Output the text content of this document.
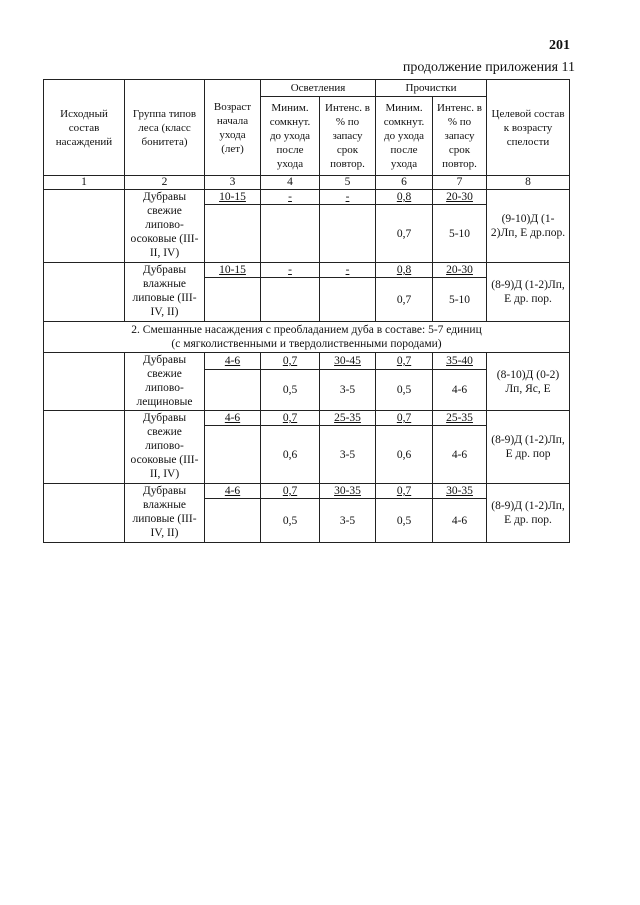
201
продолжение приложения 11
Исходный состав насаждений	Группа типов леса (класс бонитета)	Возраст начала ухода (лет)	Осветления		Прочистки		Целевой состав к возрасту спелости
			Миним. сомкнут. до ухода после ухода	Интенс. в % по запасу срок повтор.	Миним. сомкнут. до ухода после ухода	Интенс. в % по запасу срок повтор.	
1	2	3	4	5	6	7	8
	Дубравы свежие липово-осоковые (III-II, IV)	10-15	-	-	0,8	20-30	(9-10)Д (1-2)Лп, Е др.пор.
					0,7	5-10	
	Дубравы влажные липовые (III-IV, II)	10-15	-	-	0,8	20-30	(8-9)Д (1-2)Лп, Е др. пор.
					0,7	5-10	

2. Смешанные насаждения с преобладанием дуба в составе: 5-7 единиц
(с мягколиственными и твердолиственными породами)							

	Дубравы свежие липово-лещиновые	4-6	0,7	30-45	0,7	35-40	(8-10)Д (0-2) Лп, Яс, Е
			0,5	3-5	0,5	4-6	
	Дубравы свежие липово-осоковые (III-II, IV)	4-6	0,7	25-35	0,7	25-35	(8-9)Д (1-2)Лп, Е др. пор
			0,6	3-5	0,6	4-6	
	Дубравы влажные липовые (III-IV, II)	4-6	0,7	30-35	0,7	30-35	(8-9)Д (1-2)Лп, Е др. пор.
			0,5	3-5	0,5	4-6	
